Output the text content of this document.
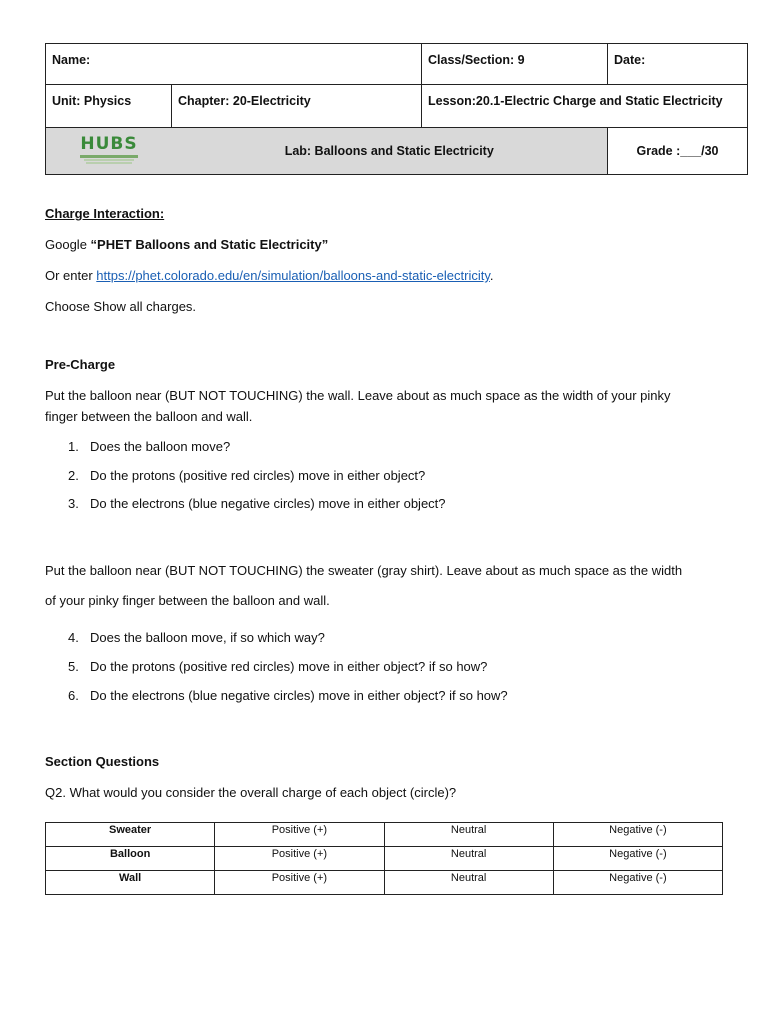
Name:		Class/Section: 9	Date:
Unit: Physics	Chapter: 20-Electricity	Lesson:20.1-Electric Charge and Static Electricity	

HUBS	Lab: Balloons and Static Electricity		Grade :___/30
Charge Interaction:
Google “PHET Balloons and Static Electricity”
Or enter https://phet.colorado.edu/en/simulation/balloons-and-static-electricity.
Choose Show all charges.
Pre-Charge
Put the balloon near (BUT NOT TOUCHING) the wall. Leave about as much space as the width of your pinky
finger between the balloon and wall.
1. Does the balloon move?
2. Do the protons (positive red circles) move in either object?
3. Do the electrons (blue negative circles) move in either object?
Put the balloon near (BUT NOT TOUCHING) the sweater (gray shirt). Leave about as much space as the width
of your pinky finger between the balloon and wall.
4. Does the balloon move, if so which way?
5. Do the protons (positive red circles) move in either object? if so how?
6. Do the electrons (blue negative circles) move in either object? if so how?
Section Questions
Q2. What would you consider the overall charge of each object (circle)?
Sweater	Positive (+)	Neutral	Negative (-)
Balloon	Positive (+)	Neutral	Negative (-)
Wall	Positive (+)	Neutral	Negative (-)
